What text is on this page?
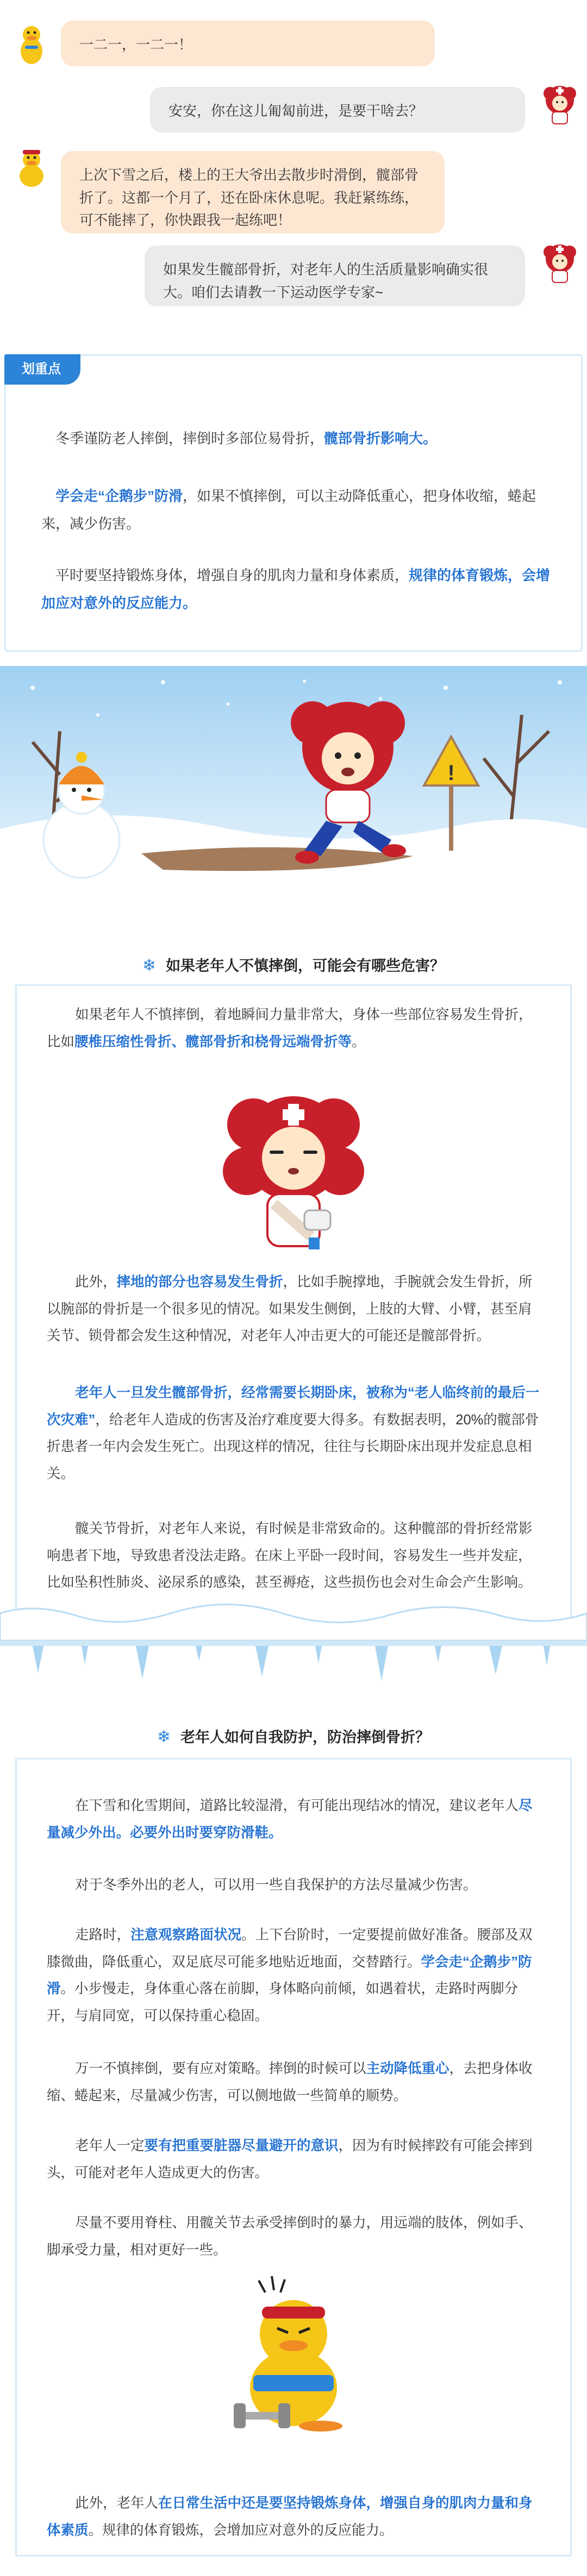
一二一，一二一！
安安，你在这儿匍匐前进，是要干啥去？
上次下雪之后，楼上的王大爷出去散步时滑倒，髋部骨折了。这都一个月了，还在卧床休息呢。我赶紧练练，可不能摔了，你快跟我一起练吧！
如果发生髋部骨折，对老年人的生活质量影响确实很大。咱们去请教一下运动医学专家~
划重点
冬季谨防老人摔倒，摔倒时多部位易骨折，髋部骨折影响大。
学会走“企鹅步”防滑，如果不慎摔倒，可以主动降低重心，把身体收缩，蜷起来，减少伤害。
平时要坚持锻炼身体，增强自身的肌肉力量和身体素质，规律的体育锻炼，会增加应对意外的反应能力。
!
❄ 如果老年人不慎摔倒，可能会有哪些危害？
如果老年人不慎摔倒，着地瞬间力量非常大，身体一些部位容易发生骨折，比如腰椎压缩性骨折、髋部骨折和桡骨远端骨折等。
此外，摔地的部分也容易发生骨折，比如手腕撑地，手腕就会发生骨折，所以腕部的骨折是一个很多见的情况。如果发生侧倒，上肢的大臂、小臂，甚至肩关节、锁骨都会发生这种情况，对老年人冲击更大的可能还是髋部骨折。
老年人一旦发生髋部骨折，经常需要长期卧床，被称为“老人临终前的最后一次灾难”，给老年人造成的伤害及治疗难度要大得多。有数据表明，20%的髋部骨折患者一年内会发生死亡。出现这样的情况，往往与长期卧床出现并发症息息相关。
髋关节骨折，对老年人来说，有时候是非常致命的。这种髋部的骨折经常影响患者下地，导致患者没法走路。在床上平卧一段时间，容易发生一些并发症，比如坠积性肺炎、泌尿系的感染，甚至褥疮，这些损伤也会对生命会产生影响。
❄ 老年人如何自我防护，防治摔倒骨折？
在下雪和化雪期间，道路比较湿滑，有可能出现结冰的情况，建议老年人尽量减少外出。必要外出时要穿防滑鞋。
对于冬季外出的老人，可以用一些自我保护的方法尽量减少伤害。
走路时，注意观察路面状况。上下台阶时，一定要提前做好准备。腰部及双膝微曲，降低重心，双足底尽可能多地贴近地面，交替踏行。学会走“企鹅步”防滑。小步慢走，身体重心落在前脚，身体略向前倾，如遇着状，走路时两脚分开，与肩同宽，可以保持重心稳固。
万一不慎摔倒，要有应对策略。摔倒的时候可以主动降低重心，去把身体收缩、蜷起来，尽量减少伤害，可以侧地做一些简单的顺势。
老年人一定要有把重要脏器尽量避开的意识，因为有时候摔跤有可能会摔到头，可能对老年人造成更大的伤害。
尽量不要用脊柱、用髋关节去承受摔倒时的暴力，用远端的肢体，例如手、脚承受力量，相对更好一些。
此外，老年人在日常生活中还是要坚持锻炼身体，增强自身的肌肉力量和身体素质。规律的体育锻炼，会增加应对意外的反应能力。
